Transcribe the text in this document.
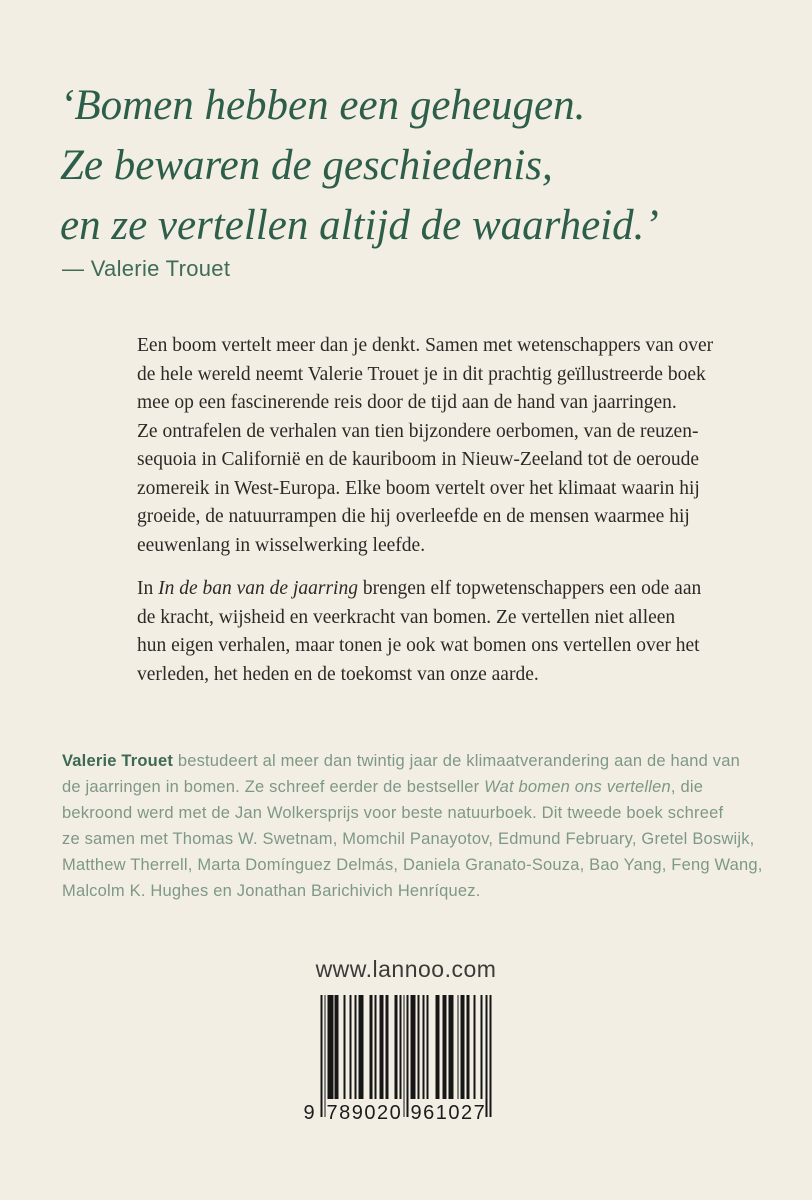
‘Bomen hebben een geheugen.
Ze bewaren de geschiedenis,
en ze vertellen altijd de waarheid.’
— Valerie Trouet
Een boom vertelt meer dan je denkt. Samen met wetenschappers van over
de hele wereld neemt Valerie Trouet je in dit prachtig geïllustreerde boek
mee op een fascinerende reis door de tijd aan de hand van jaarringen.
Ze ontrafelen de verhalen van tien bijzondere oerbomen, van de reuzen-
sequoia in Californië en de kauriboom in Nieuw-Zeeland tot de oeroude
zomereik in West-Europa. Elke boom vertelt over het klimaat waarin hij
groeide, de natuurrampen die hij overleefde en de mensen waarmee hij
eeuwenlang in wisselwerking leefde.
In In de ban van de jaarring brengen elf topwetenschappers een ode aan
de kracht, wijsheid en veerkracht van bomen. Ze vertellen niet alleen
hun eigen verhalen, maar tonen je ook wat bomen ons vertellen over het
verleden, het heden en de toekomst van onze aarde.
Valerie Trouet bestudeert al meer dan twintig jaar de klimaatverandering aan de hand van
de jaarringen in bomen. Ze schreef eerder de bestseller Wat bomen ons vertellen, die
bekroond werd met de Jan Wolkersprijs voor beste natuurboek. Dit tweede boek schreef
ze samen met Thomas W. Swetnam, Momchil Panayotov, Edmund February, Gretel Boswijk,
Matthew Therrell, Marta Domínguez Delmás, Daniela Granato-Souza, Bao Yang, Feng Wang,
Malcolm K. Hughes en Jonathan Barichivich Henríquez.
www.lannoo.com
9 789020 961027
